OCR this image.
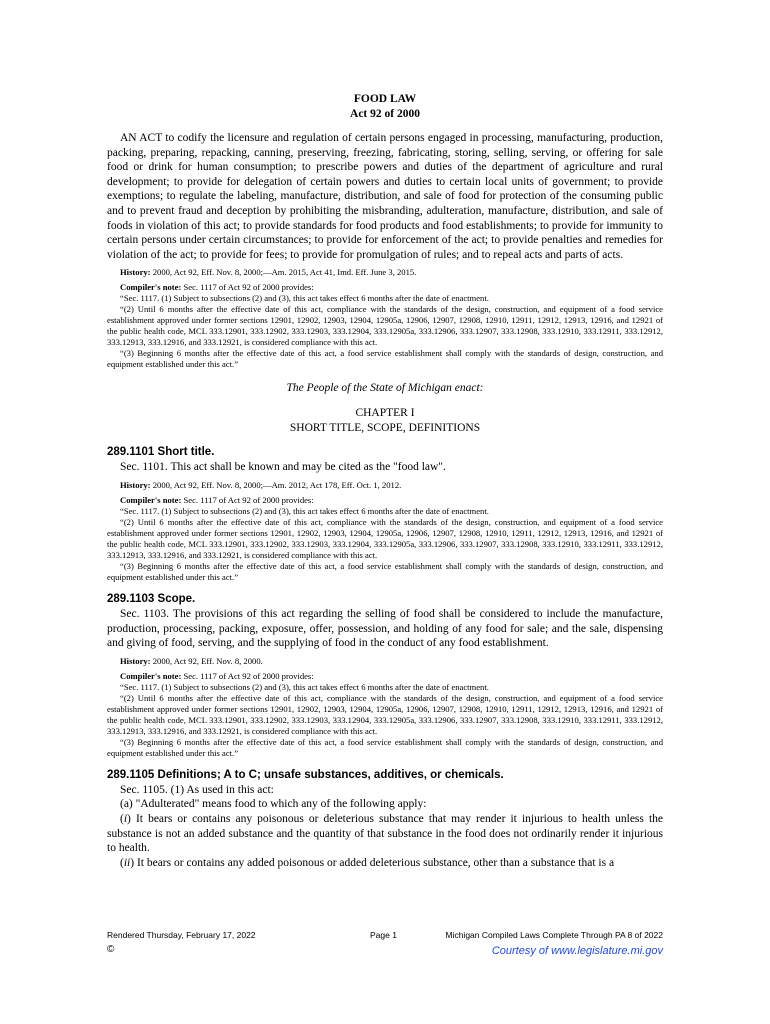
FOOD LAW
Act 92 of 2000
AN ACT to codify the licensure and regulation of certain persons engaged in processing, manufacturing, production, packing, preparing, repacking, canning, preserving, freezing, fabricating, storing, selling, serving, or offering for sale food or drink for human consumption; to prescribe powers and duties of the department of agriculture and rural development; to provide for delegation of certain powers and duties to certain local units of government; to provide exemptions; to regulate the labeling, manufacture, distribution, and sale of food for protection of the consuming public and to prevent fraud and deception by prohibiting the misbranding, adulteration, manufacture, distribution, and sale of foods in violation of this act; to provide standards for food products and food establishments; to provide for immunity to certain persons under certain circumstances; to provide for enforcement of the act; to provide penalties and remedies for violation of the act; to provide for fees; to provide for promulgation of rules; and to repeal acts and parts of acts.
History: 2000, Act 92, Eff. Nov. 8, 2000;—Am. 2015, Act 41, Imd. Eff. June 3, 2015.
Compiler's note: Sec. 1117 of Act 92 of 2000 provides:
“Sec. 1117. (1) Subject to subsections (2) and (3), this act takes effect 6 months after the date of enactment.
“(2) Until 6 months after the effective date of this act, compliance with the standards of the design, construction, and equipment of a food service establishment approved under former sections 12901, 12902, 12903, 12904, 12905a, 12906, 12907, 12908, 12910, 12911, 12912, 12913, 12916, and 12921 of the public health code, MCL 333.12901, 333.12902, 333.12903, 333.12904, 333.12905a, 333.12906, 333.12907, 333.12908, 333.12910, 333.12911, 333.12912, 333.12913, 333.12916, and 333.12921, is considered compliance with this act.
“(3) Beginning 6 months after the effective date of this act, a food service establishment shall comply with the standards of design, construction, and equipment established under this act.”
The People of the State of Michigan enact:
CHAPTER I
SHORT TITLE, SCOPE, DEFINITIONS
289.1101 Short title.
Sec. 1101. This act shall be known and may be cited as the "food law".
History: 2000, Act 92, Eff. Nov. 8, 2000;—Am. 2012, Act 178, Eff. Oct. 1, 2012.
Compiler's note: Sec. 1117 of Act 92 of 2000 provides:
“Sec. 1117. (1) Subject to subsections (2) and (3), this act takes effect 6 months after the date of enactment.
“(2) Until 6 months after the effective date of this act, compliance with the standards of the design, construction, and equipment of a food service establishment approved under former sections 12901, 12902, 12903, 12904, 12905a, 12906, 12907, 12908, 12910, 12911, 12912, 12913, 12916, and 12921 of the public health code, MCL 333.12901, 333.12902, 333.12903, 333.12904, 333.12905a, 333.12906, 333.12907, 333.12908, 333.12910, 333.12911, 333.12912, 333.12913, 333.12916, and 333.12921, is considered compliance with this act.
“(3) Beginning 6 months after the effective date of this act, a food service establishment shall comply with the standards of design, construction, and equipment established under this act.”
289.1103 Scope.
Sec. 1103. The provisions of this act regarding the selling of food shall be considered to include the manufacture, production, processing, packing, exposure, offer, possession, and holding of any food for sale; and the sale, dispensing and giving of food, serving, and the supplying of food in the conduct of any food establishment.
History: 2000, Act 92, Eff. Nov. 8, 2000.
Compiler's note: Sec. 1117 of Act 92 of 2000 provides:
“Sec. 1117. (1) Subject to subsections (2) and (3), this act takes effect 6 months after the date of enactment.
“(2) Until 6 months after the effective date of this act, compliance with the standards of the design, construction, and equipment of a food service establishment approved under former sections 12901, 12902, 12903, 12904, 12905a, 12906, 12907, 12908, 12910, 12911, 12912, 12913, 12916, and 12921 of the public health code, MCL 333.12901, 333.12902, 333.12903, 333.12904, 333.12905a, 333.12906, 333.12907, 333.12908, 333.12910, 333.12911, 333.12912, 333.12913, 333.12916, and 333.12921, is considered compliance with this act.
“(3) Beginning 6 months after the effective date of this act, a food service establishment shall comply with the standards of design, construction, and equipment established under this act.”
289.1105 Definitions; A to C; unsafe substances, additives, or chemicals.
Sec. 1105. (1) As used in this act:
(a) "Adulterated" means food to which any of the following apply:
(i) It bears or contains any poisonous or deleterious substance that may render it injurious to health unless the substance is not an added substance and the quantity of that substance in the food does not ordinarily render it injurious to health.
(ii) It bears or contains any added poisonous or added deleterious substance, other than a substance that is a
Rendered Thursday, February 17, 2022	Page 1	Michigan Compiled Laws Complete Through PA 8 of 2022
©	Courtesy of www.legislature.mi.gov
